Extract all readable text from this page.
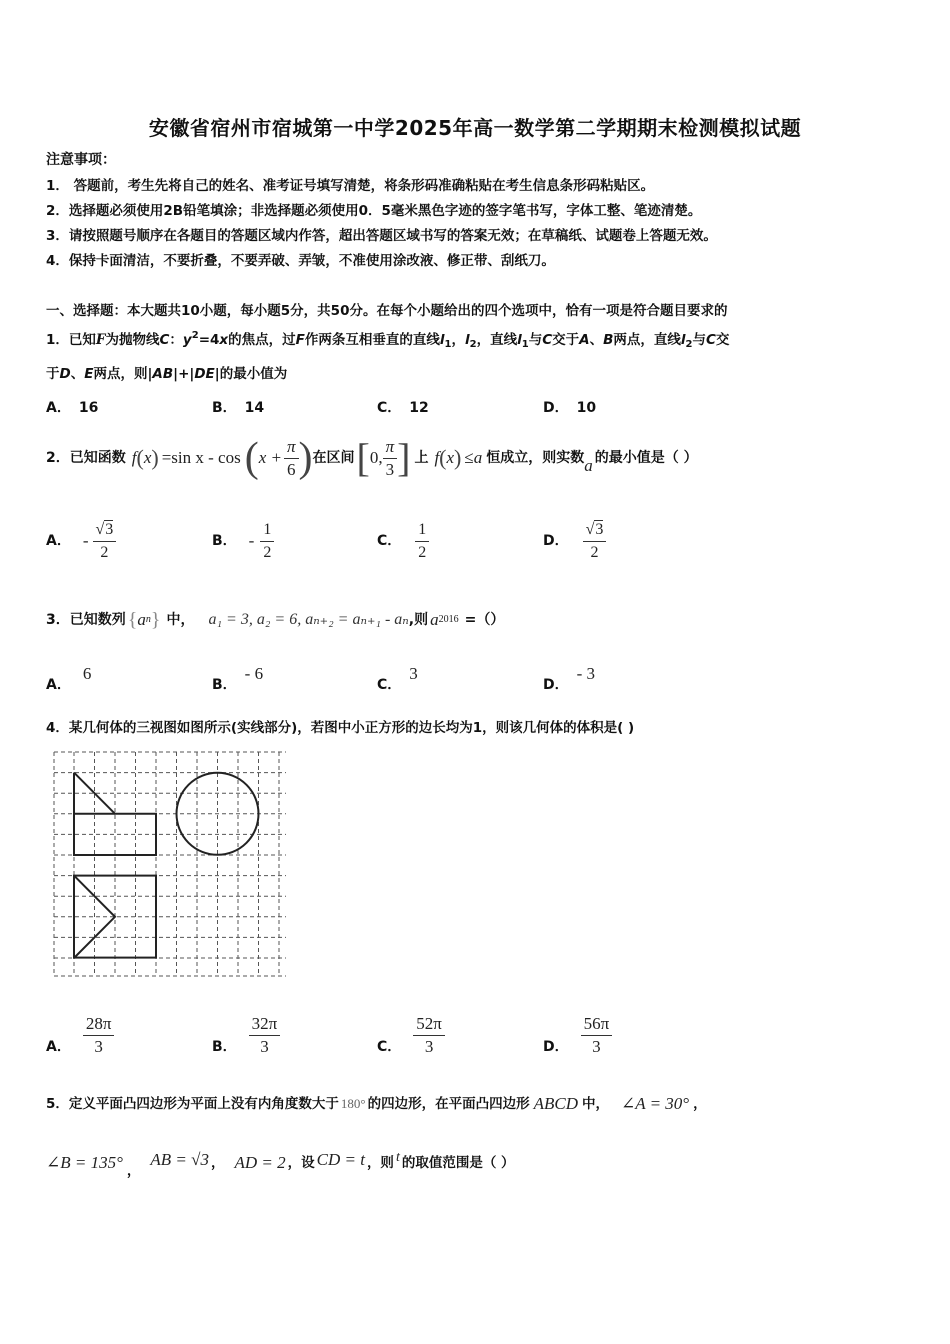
安徽省宿州市宿城第一中学2025年高一数学第二学期期末检测模拟试题
注意事项：
1． 答题前，考生先将自己的姓名、准考证号填写清楚，将条形码准确粘贴在考生信息条形码粘贴区。
2．选择题必须使用2B铅笔填涂；非选择题必须使用0．5毫米黑色字迹的签字笔书写，字体工整、笔迹清楚。
3．请按照题号顺序在各题目的答题区域内作答，超出答题区域书写的答案无效；在草稿纸、试题卷上答题无效。
4．保持卡面清洁，不要折叠，不要弄破、弄皱，不准使用涂改液、修正带、刮纸刀。
一、选择题：本大题共10小题，每小题5分，共50分。在每个小题给出的四个选项中，恰有一项是符合题目要求的
1．已知F为抛物线C：$y^2=4x$的焦点，过F作两条互相垂直的直线$l_1$，$l_2$，直线$l_1$与C交于A、B两点，直线$l_2$与C交
于D、E两点，则|AB|+|DE|的最小值为
A． 16	B． 14	C． 12	D． 10
2．已知函数 f ( x ) =sin x - cos ( $x + \frac{\pi}{6}$ ) 在区间 [ 0, $\frac{\pi}{3}$ ] 上 f ( x ) ≤ a 恒成立，则实数 a 的最小值是（ ）
A． - $\frac{√3}{2}$	B． - $\frac{1}{2}$	C． $\frac{1}{2}$	D． $\frac{√3}{2}$
3．已知数列 { a n } 中， a₁ = 3, a₂ = 6, aₙ₊₂ = aₙ₊₁ - aₙ ,则 a 2016 =（）
A．6
B．- 6
C．3
D．- 3
4．某几何体的三视图如图所示(实线部分)，若图中小正方形的边长均为1，则该几何体的体积是( )
A． $\frac{28\pi}{3}$	B． $\frac{32\pi}{3}$	C． $\frac{52\pi}{3}$	D． $\frac{56\pi}{3}$
5．定义平面凸四边形为平面上没有内角度数大于 180° 的四边形，在平面凸四边形 ABCD 中， ∠A = 30° ，
∠B = 135° ，
AB = √3 ， AD = 2 ，设 CD = t ，则 t 的取值范围是（ ）
